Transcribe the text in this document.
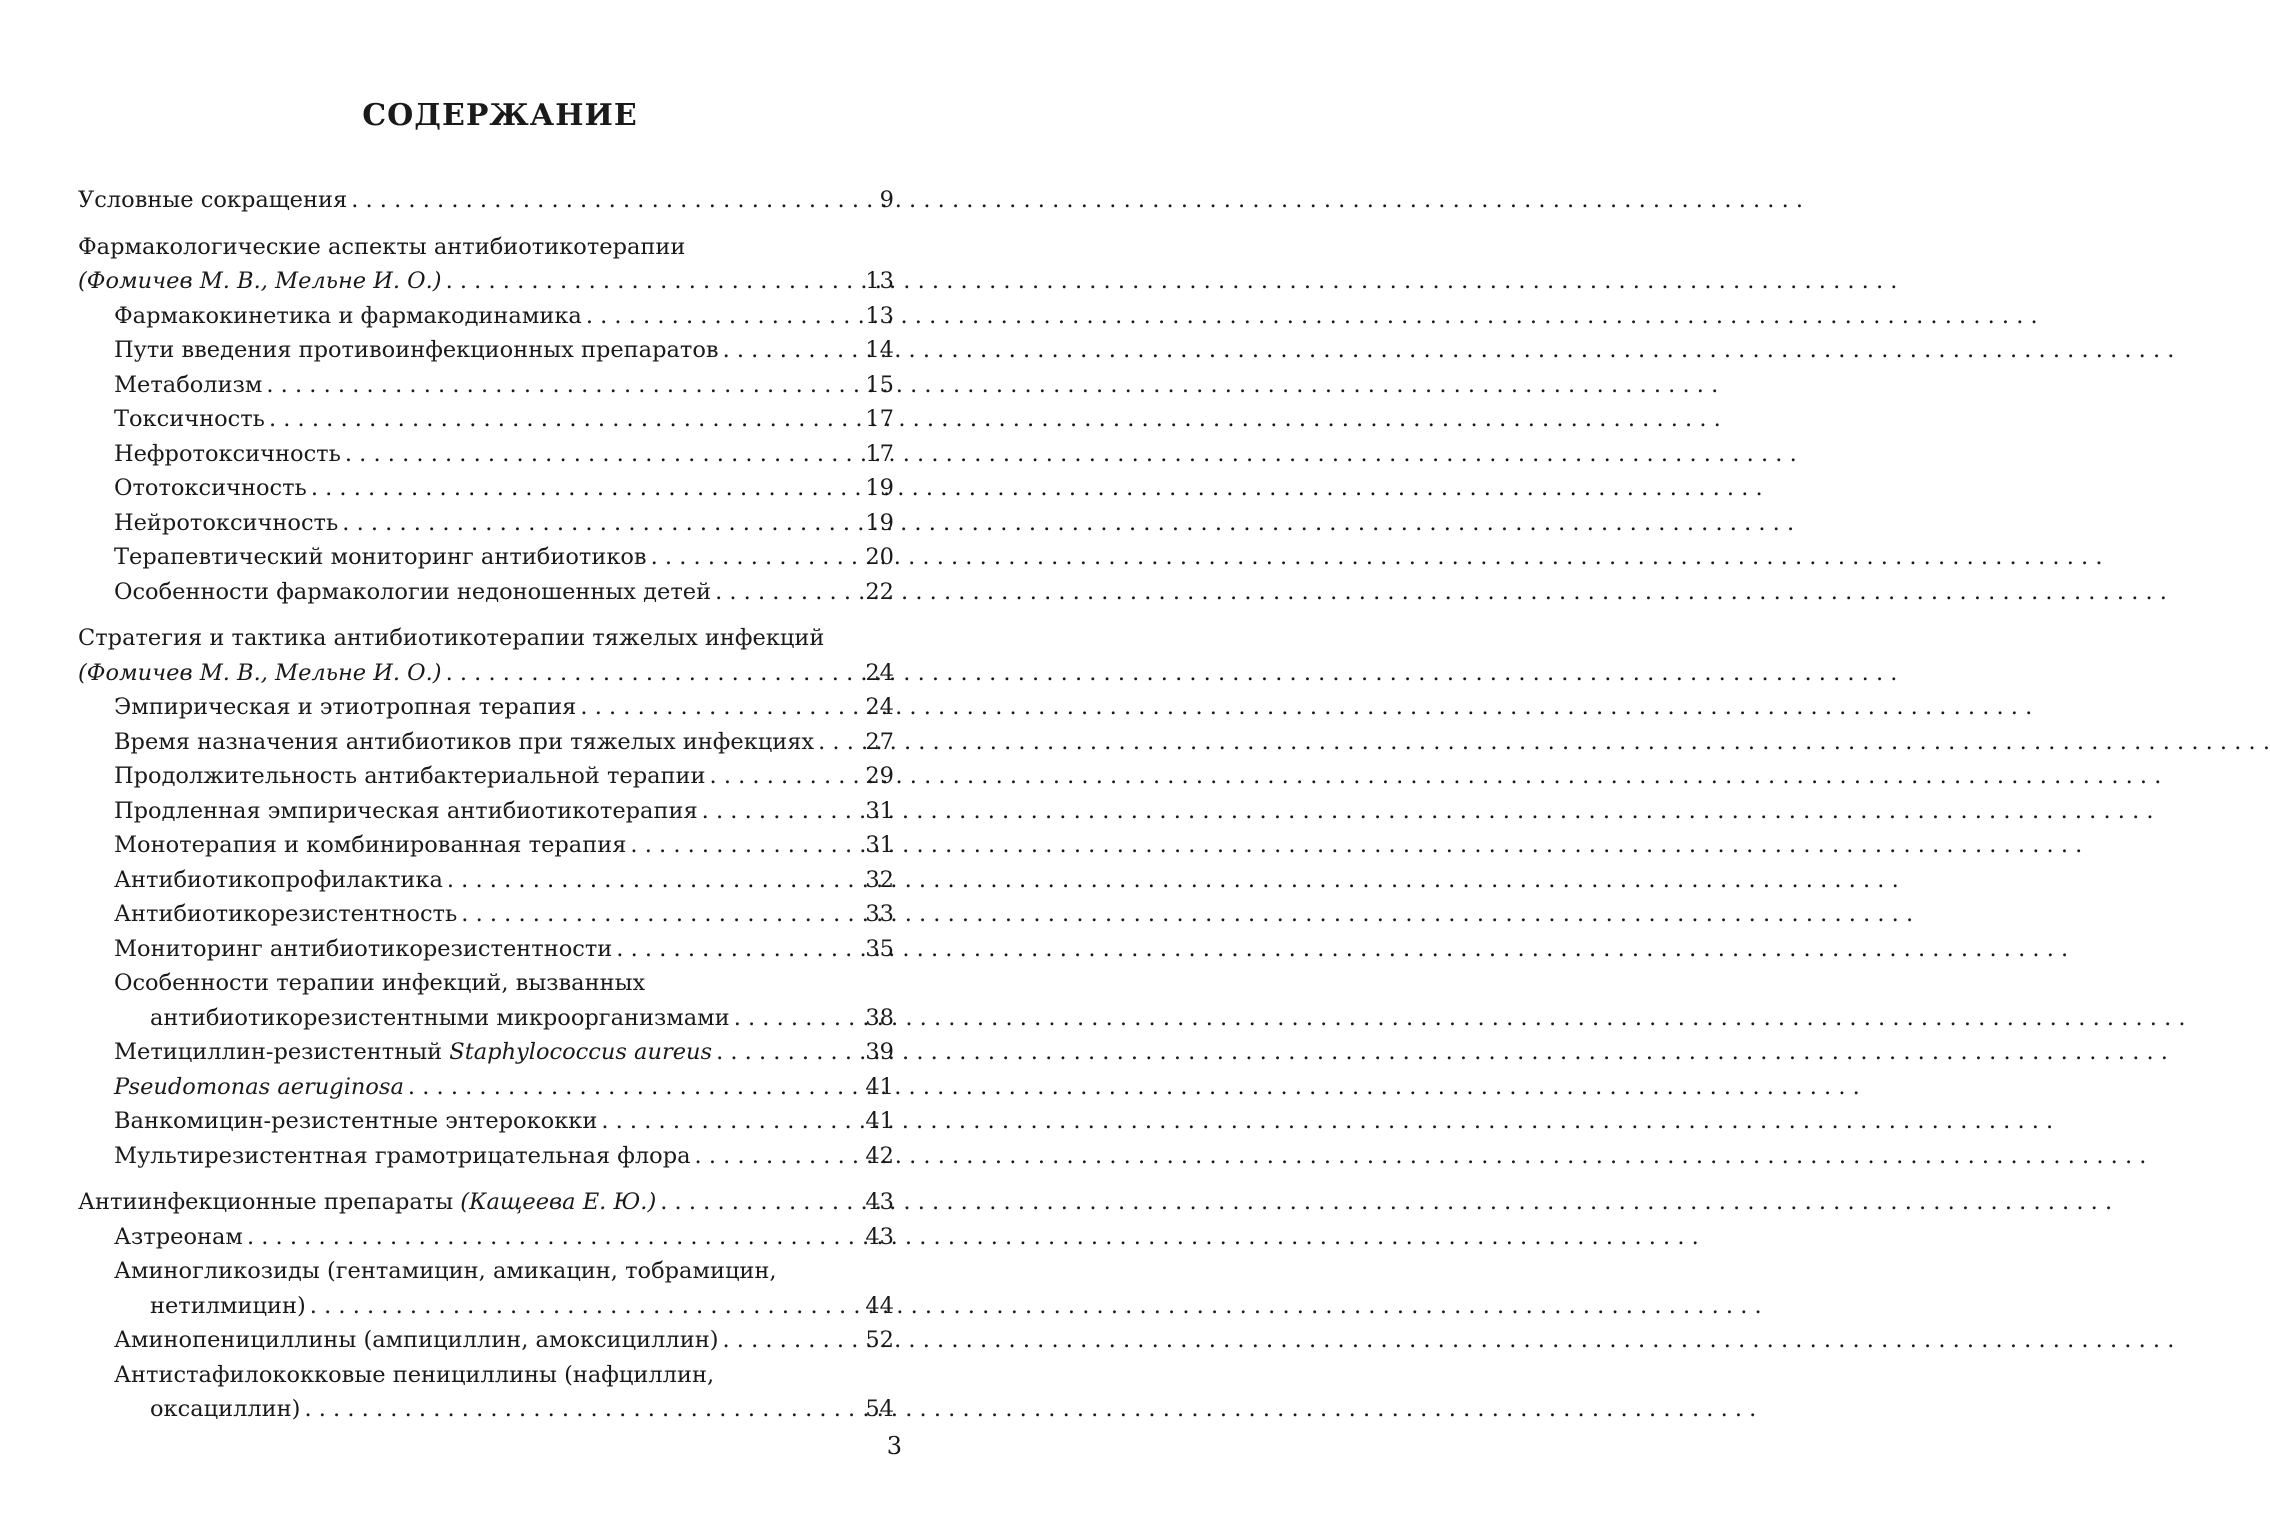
СОДЕРЖАНИЕ
Условные сокращения . . .	9
Фармакологические аспекты антибиотикотерапии
(Фомичев М. В., Мельне И. О.) . . .	13
Фармакокинетика и фармакодинамика . . .	13
Пути введения противоинфекционных препаратов . . .	14
Метаболизм . . .	15
Токсичность . . .	17
Нефротоксичность . . .	17
Ототоксичность . . .	19
Нейротоксичность . . .	19
Терапевтический мониторинг антибиотиков . . .	20
Особенности фармакологии недоношенных детей . . .	22
Стратегия и тактика антибиотикотерапии тяжелых инфекций
(Фомичев М. В., Мельне И. О.) . . .	24
Эмпирическая и этиотропная терапия . . .	24
Время назначения антибиотиков при тяжелых инфекциях . . . 27
Продолжительность антибактериальной терапии . . .	29
Продленная эмпирическая антибиотикотерапия . . .	31
Монотерапия и комбинированная терапия . . .	31
Антибиотикопрофилактика . . .	32
Антибиотикорезистентность . . .	33
Мониторинг антибиотикорезистентности . . .	35
Особенности терапии инфекций, вызванных
антибиотикорезистентными микроорганизмами . . .	38
Метициллин-резистентный Staphylococcus aureus . . .	39
Pseudomonas aeruginosa . . .	41
Ванкомицин-резистентные энтерококки . . .	41
Мультирезистентная грамотрицательная флора . . .	42
Антиинфекционные препараты (Кащеева Е. Ю.) . . .	43
Азтреонам . . .	43
Аминогликозиды (гентамицин, амикацин, тобрамицин,
нетилмицин) . . .	44
Аминопенициллины (ампициллин, амоксициллин) . . .	52
Антистафилококковые пенициллины (нафциллин,
оксациллин) . . .	54
3
